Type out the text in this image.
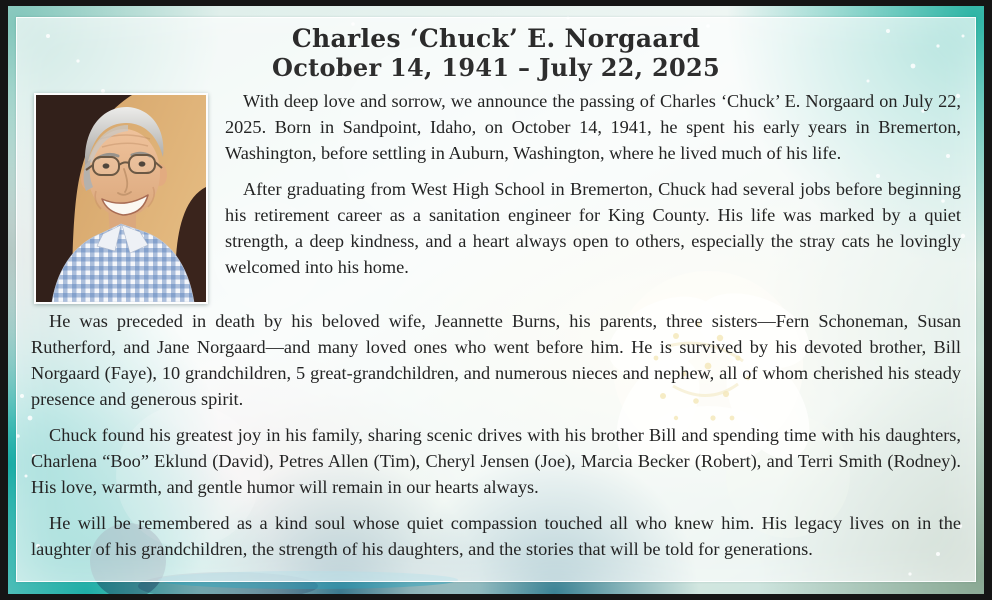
Charles ‘Chuck’ E. Norgaard
October 14, 1941 – July 22, 2025

With deep love and sorrow, we announce the passing of Charles ‘Chuck’ E. Norgaard on July 22, 2025. Born in Sandpoint, Idaho, on October 14, 1941, he spent his early years in Bremerton, Washington, before settling in Auburn, Washington, where he lived much of his life.

After graduating from West High School in Bremerton, Chuck had several jobs before beginning his retirement career as a sanitation engineer for King County. His life was marked by a quiet strength, a deep kindness, and a heart always open to others, especially the stray cats he lovingly welcomed into his home.

He was preceded in death by his beloved wife, Jeannette Burns, his parents, three sisters—Fern Schoneman, Susan Rutherford, and Jane Norgaard—and many loved ones who went before him. He is survived by his devoted brother, Bill Norgaard (Faye), 10 grandchildren, 5 great-grandchildren, and numerous nieces and nephew, all of whom cherished his steady presence and generous spirit.

Chuck found his greatest joy in his family, sharing scenic drives with his brother Bill and spending time with his daughters, Charlena “Boo” Eklund (David), Petres Allen (Tim), Cheryl Jensen (Joe), Marcia Becker (Robert), and Terri Smith (Rodney). His love, warmth, and gentle humor will remain in our hearts always.

He will be remembered as a kind soul whose quiet compassion touched all who knew him. His legacy lives on in the laughter of his grandchildren, the strength of his daughters, and the stories that will be told for generations.
